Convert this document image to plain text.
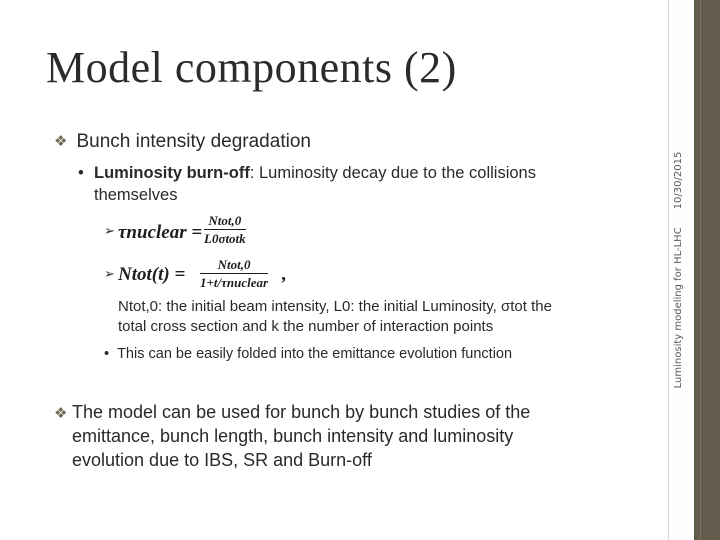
Luminosity modeling for HL-LHC10/30/2015
Model components (2)
❖ Bunch intensity degradation
• Luminosity burn-off: Luminosity decay due to the collisions
themselves
➢ τnuclear =
Ntot,0
L0σtotk
➢ Ntot(t) =	Ntot,0
1+t/τnuclear ,
Ntot,0: the initial beam intensity, L0: the initial Luminosity, σtot the
total cross section and k the number of interaction points
• This can be easily folded into the emittance evolution function
❖ The model can be used for bunch by bunch studies of the
emittance, bunch length, bunch intensity and luminosity
evolution due to IBS, SR and Burn-off
